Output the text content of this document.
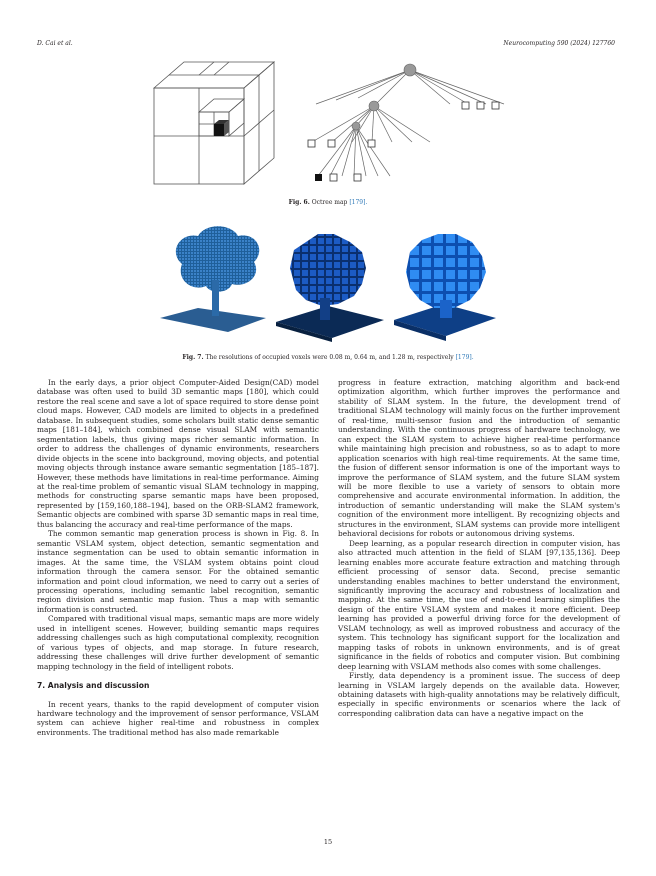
D. Cai et al.	Neurocomputing 590 (2024) 127760
Fig. 6. Octree map [179].
Fig. 7. The resolutions of occupied voxels were 0.08 m, 0.64 m, and 1.28 m, respectively [179].

In the early days, a prior object Computer-Aided Design(CAD) model database was often used to build 3D semantic maps [180], which could restore the real scene and save a lot of space required to store dense point cloud maps. However, CAD models are limited to objects in a predefined database. In subsequent studies, some scholars built static dense semantic maps [181–184], which combined dense visual SLAM with semantic segmentation labels, thus giving maps richer semantic information. In order to address the challenges of dynamic environments, researchers divide objects in the scene into background, moving objects, and potential moving objects through instance aware semantic segmentation [185–187]. However, these methods have limitations in real-time performance. Aiming at the real-time problem of semantic visual SLAM technology in mapping, methods for constructing sparse semantic maps have been proposed, represented by [159,160,188–194], based on the ORB-SLAM2 framework, Semantic objects are combined with sparse 3D semantic maps in real time, thus balancing the accuracy and real-time performance of the maps.

The common semantic map generation process is shown in Fig. 8. In semantic VSLAM system, object detection, semantic segmentation and instance segmentation can be used to obtain semantic information in images. At the same time, the VSLAM system obtains point cloud information through the camera sensor. For the obtained semantic information and point cloud information, we need to carry out a series of processing operations, including semantic label recognition, semantic region division and semantic map fusion. Thus a map with semantic information is constructed.

Compared with traditional visual maps, semantic maps are more widely used in intelligent scenes. However, building semantic maps requires addressing challenges such as high computational complexity, recognition of various types of objects, and map storage. In future research, addressing these challenges will drive further development of semantic mapping technology in the field of intelligent robots.

7. Analysis and discussion

In recent years, thanks to the rapid development of computer vision hardware technology and the improvement of sensor performance, VSLAM system can achieve higher real-time and robustness in complex environments. The traditional method has also made remarkable

progress in feature extraction, matching algorithm and back-end optimization algorithm, which further improves the performance and stability of SLAM system. In the future, the development trend of traditional SLAM technology will mainly focus on the further improvement of real-time, multi-sensor fusion and the introduction of semantic understanding. With the continuous progress of hardware technology, we can expect the SLAM system to achieve higher real-time performance while maintaining high precision and robustness, so as to adapt to more application scenarios with high real-time requirements. At the same time, the fusion of different sensor information is one of the important ways to improve the performance of SLAM system, and the future SLAM system will be more flexible to use a variety of sensors to obtain more comprehensive and accurate environmental information. In addition, the introduction of semantic understanding will make the SLAM system's cognition of the environment more intelligent. By recognizing objects and structures in the environment, SLAM systems can provide more intelligent behavioral decisions for robots or autonomous driving systems.

Deep learning, as a popular research direction in computer vision, has also attracted much attention in the field of SLAM [97,135,136]. Deep learning enables more accurate feature extraction and matching through efficient processing of sensor data. Second, precise semantic understanding enables machines to better understand the environment, significantly improving the accuracy and robustness of localization and mapping. At the same time, the use of end-to-end learning simplifies the design of the entire VSLAM system and makes it more efficient. Deep learning has provided a powerful driving force for the development of VSLAM technology, as well as improved robustness and accuracy of the system. This technology has significant support for the localization and mapping tasks of robots in unknown environments, and is of great significance in the fields of robotics and computer vision. But combining deep learning with VSLAM methods also comes with some challenges.

Firstly, data dependency is a prominent issue. The success of deep learning in VSLAM largely depends on the available data. However, obtaining datasets with high-quality annotations may be relatively difficult, especially in specific environments or scenarios where the lack of corresponding calibration data can have a negative impact on the

15
